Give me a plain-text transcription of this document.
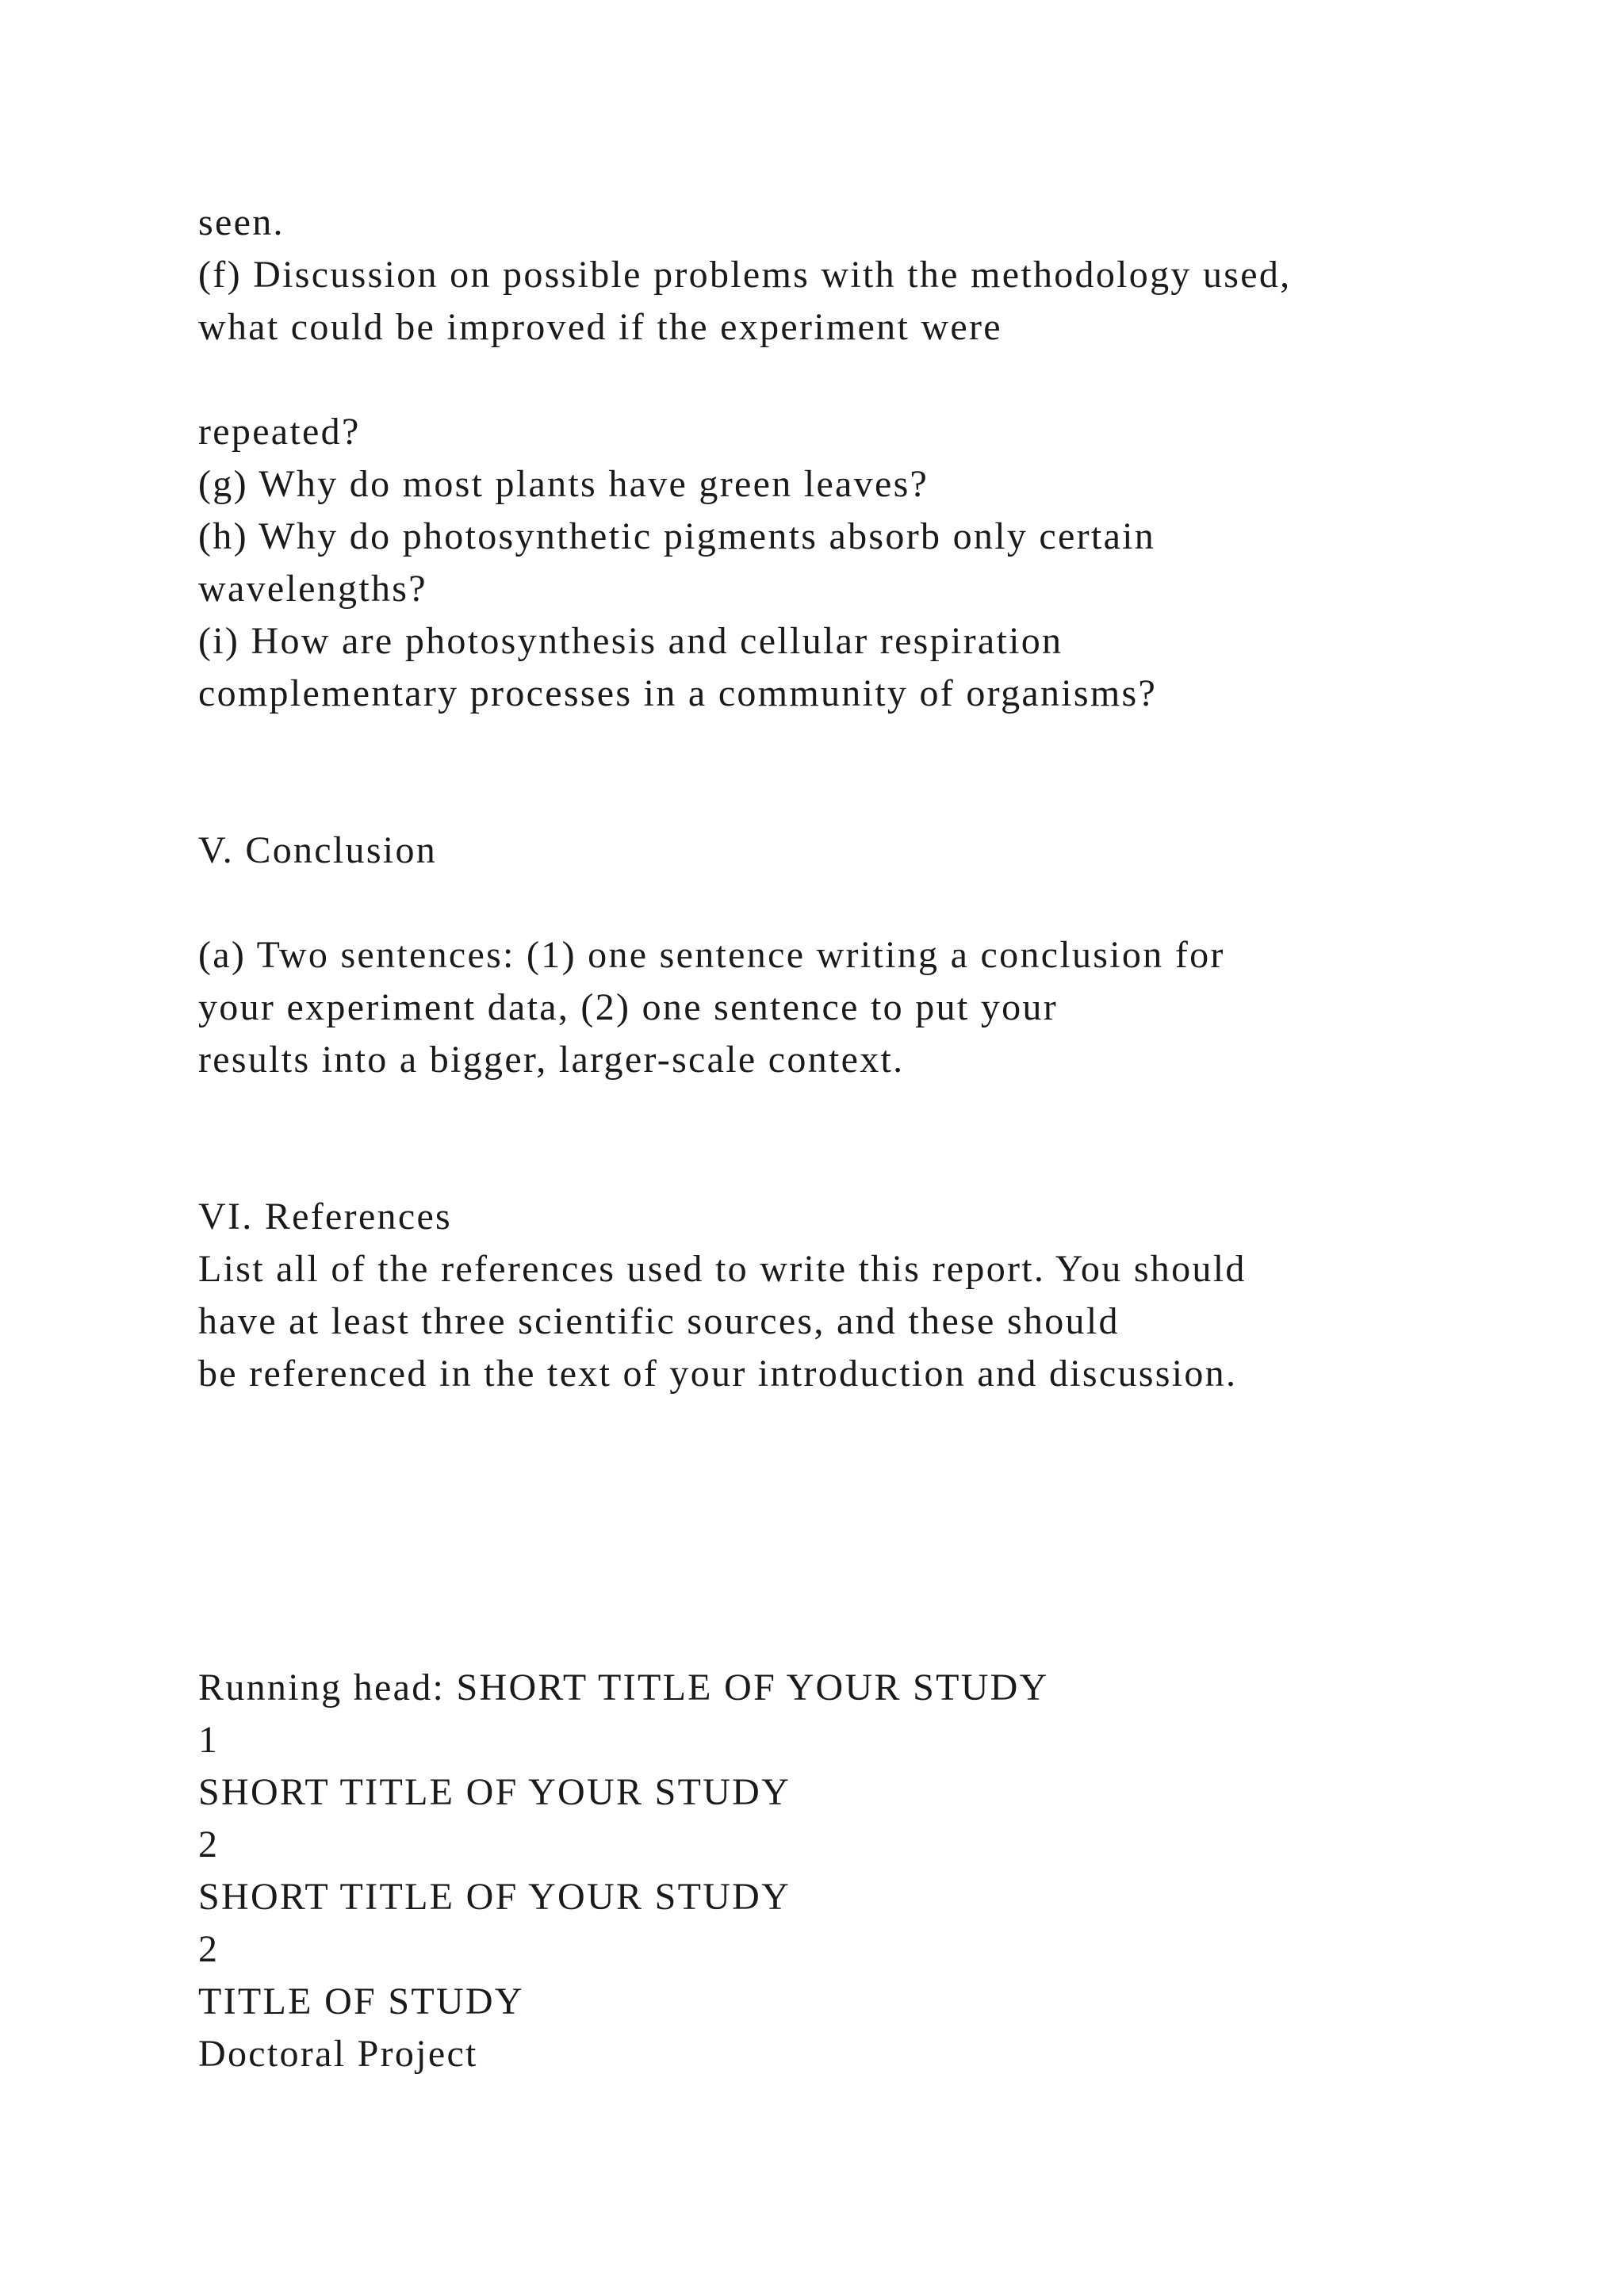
seen.

(f) Discussion on possible problems with the methodology used,

what could be improved if the experiment were

repeated?

(g) Why do most plants have green leaves?

(h) Why do photosynthetic pigments absorb only certain

wavelengths?

(i) How are photosynthesis and cellular respiration

complementary processes in a community of organisms?

V. Conclusion

(a) Two sentences: (1) one sentence writing a conclusion for

your experiment data, (2) one sentence to put your

results into a bigger, larger-scale context.

VI. References

List all of the references used to write this report. You should

have at least three scientific sources, and these should

be referenced in the text of your introduction and discussion.

Running head: SHORT TITLE OF YOUR STUDY

1

SHORT TITLE OF YOUR STUDY

2

SHORT TITLE OF YOUR STUDY

2

TITLE OF STUDY

Doctoral Project
